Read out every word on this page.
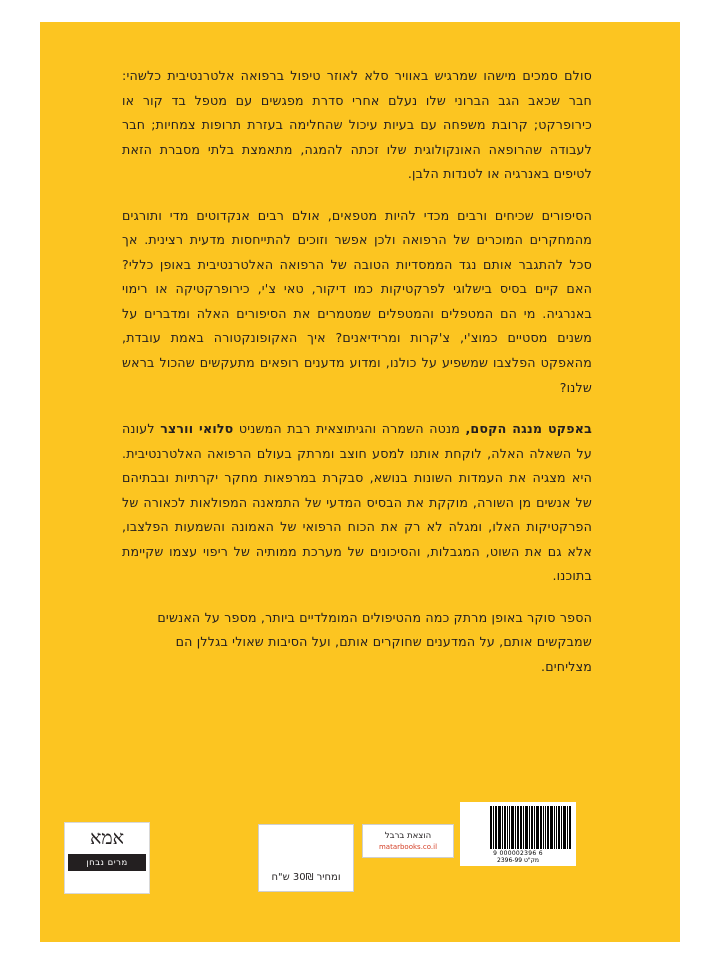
סולם סמכים מישהו שמרגיש באוויר סלא לאוזר טיפול ברפואה אלטרנטיבית כלשהי: חבר שכאב הגב הברוני שלו נעלם אחרי סדרת מפגשים עם מטפל בד קור או כירופרקט; קרובת משפחה עם בעיות עיכול שהחלימה בעזרת תרופות צמחיות; חבר לעבודה שהרופאה האונקולוגית שלו זכתה להמגה, מתאמצת בלתי מסברת הזאת לטיפים באנרגיה או לטנדות הלבן.

הסיפורים שכיחים ורבים מכדי להיות מטפאים, אולם רבים אנקדוטים מדי ותורגים מהמחקרים המוכרים של הרפואה ולכן אפשר וזוכים להתייחסות מדעית רצינית. אך סכל להתגבר אותם נגד הממסדיות הטובה של הרפואה האלטרנטיבית באופן כללי? האם קיים בסיס בישלוגי לפרקטיקות כמו דיקור, טאי צ'י, כירופרקטיקה או רימוי באנרגיה. מי הם המטפלים והמטפלים שמטמרים את הסיפורים האלה ומדברים על משנים מסטיים כמוצ'י, צ'קרות ומרידיאנים? איך האקופונקטורה באמת עובדת, מהאפקט הפלצבו שמשפיע על כולנו, ומדוע מדענים רופאים מתעקשים שהכול בראש שלנו?

באפקט מנגה הקסם, מנטה השמרה והגיתוצאית רבת המשניט סלואי וורצר לעונה על השאלה האלה, לוקחת אותנו למסע חוצב ומרתק בעולם הרפואה האלטרנטיבית. היא מצגיה את העמדות השונות בנושא, סבקרת במרפאות מחקר יקרתיות ובבתיהם של אנשים מן השורה, מוקקת את הבסיס המדעי של התמאנה המפולאות לכאורה של הפרקטיקות האלו, ומגלה לא רק את הכוח הרפואי של האמונה והשמעות הפלצבו, אלא גם את השוט, המגבלות, והסיכונים של מערכת ממותיה של ריפוי עצמו שקיימת בתוכנו.

הספר סוקר באופן מרתק כמה מהטיפולים המומלדיים ביותר, מספר על האנשים שמבקשים אותם, על המדענים שחוקרים אותם, ועל הסיבות שאולי בגללן הם מצליחים.

אמא
מרים נבחן
ומחיר 30₪ ש"ח
הוצאת ברבל
matarbooks.co.il
9 000002396 6
מק"ט 2396-99
